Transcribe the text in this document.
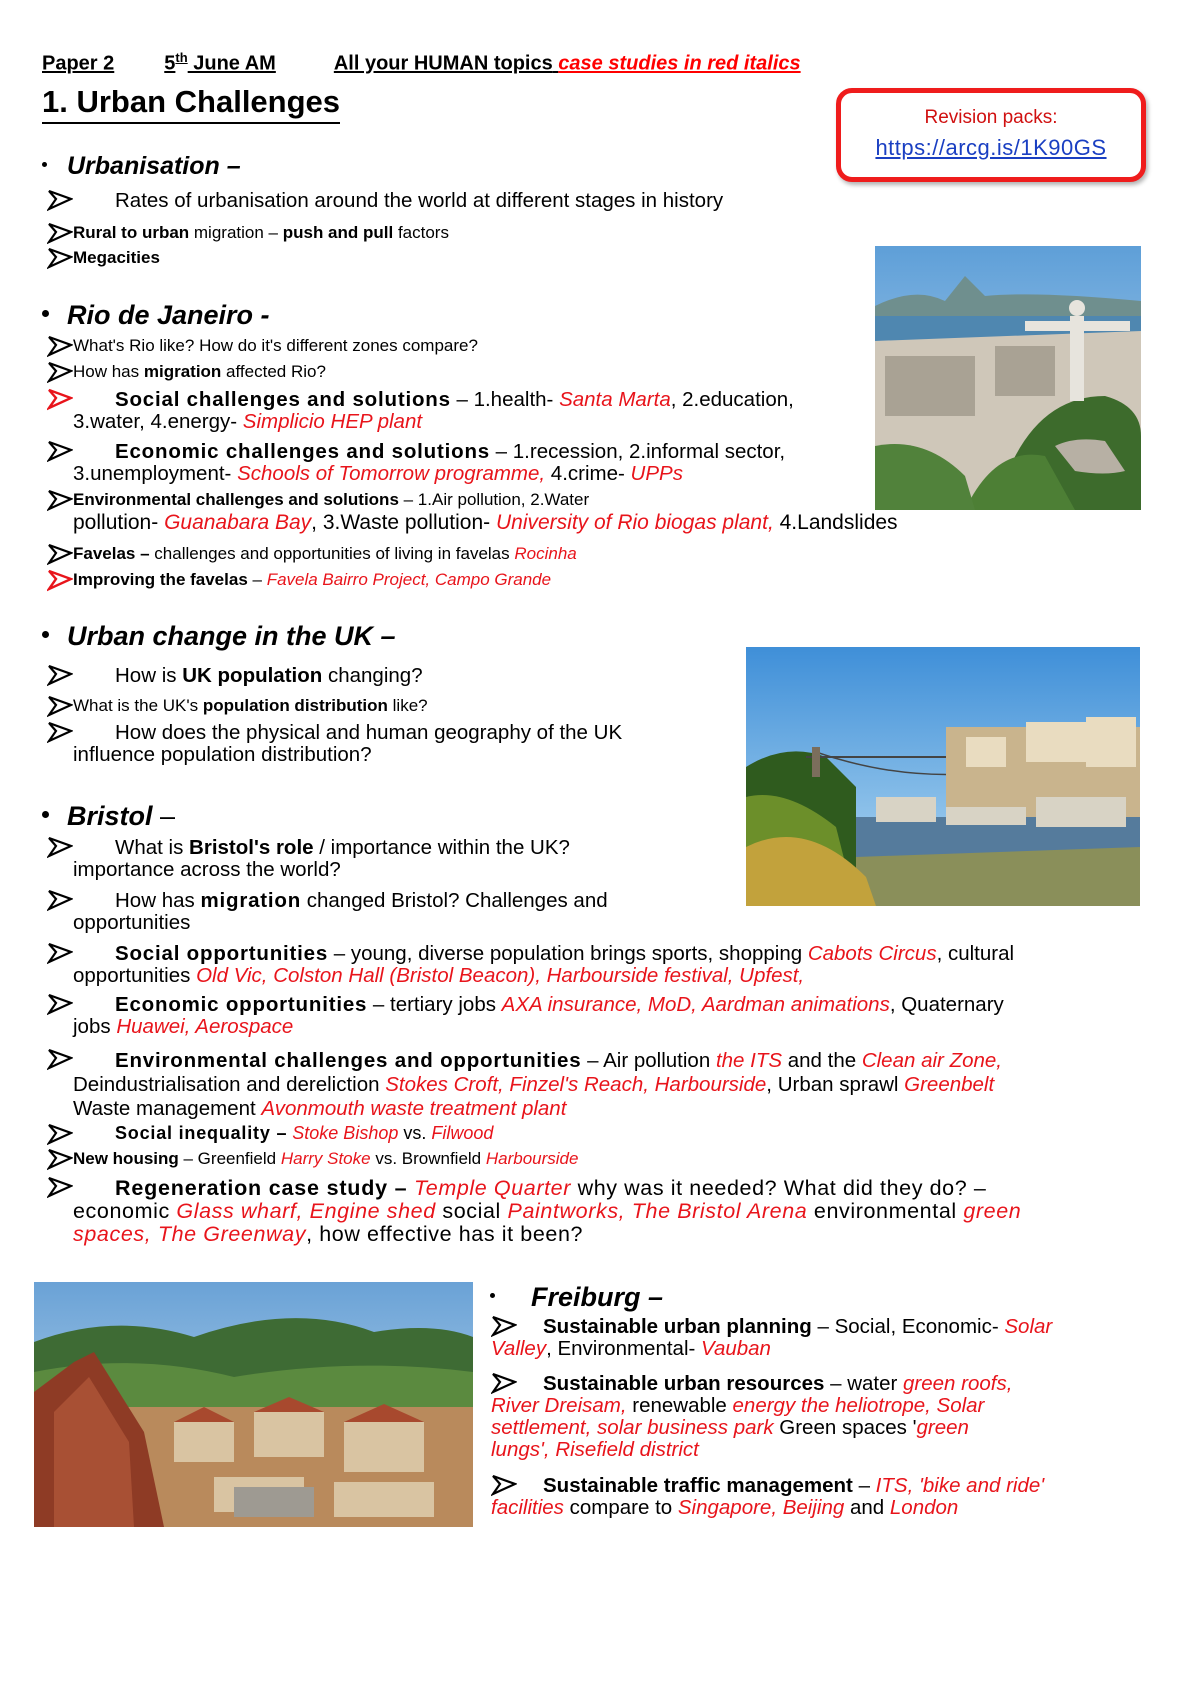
Paper 2	5th June AM	All your HUMAN topics case studies in red italics
1. Urban Challenges	Revision packs:
https://arcg.is/1K90GS
Urbanisation –
Rates of urbanisation around the world at different stages in history
Rural to urban migration – push and pull factors
Megacities
Rio de Janeiro -
What's Rio like? How do it's different zones compare?
How has migration affected Rio?
Social challenges and solutions – 1.health- Santa Marta, 2.education,
3.water, 4.energy- Simplicio HEP plant
Economic challenges and solutions – 1.recession, 2.informal sector,
3.unemployment- Schools of Tomorrow programme, 4.crime- UPPs
Environmental challenges and solutions – 1.Air pollution, 2.Water
pollution- Guanabara Bay, 3.Waste pollution- University of Rio biogas plant, 4.Landslides
Favelas – challenges and opportunities of living in favelas Rocinha
Improving the favelas – Favela Bairro Project, Campo Grande
Urban change in the UK –
How is UK population changing?
What is the UK's population distribution like?
How does the physical and human geography of the UK
influence population distribution?
Bristol –
What is Bristol's role / importance within the UK?
importance across the world?
How has migration changed Bristol? Challenges and
opportunities
Social opportunities – young, diverse population brings sports, shopping Cabots Circus, cultural
opportunities Old Vic, Colston Hall (Bristol Beacon), Harbourside festival, Upfest,
Economic opportunities – tertiary jobs AXA insurance, MoD, Aardman animations, Quaternary
jobs Huawei, Aerospace
Environmental challenges and opportunities – Air pollution the ITS and the Clean air Zone,
Deindustrialisation and dereliction Stokes Croft, Finzel's Reach, Harbourside, Urban sprawl Greenbelt
Waste management Avonmouth waste treatment plant
Social inequality – Stoke Bishop vs. Filwood
New housing – Greenfield Harry Stoke vs. Brownfield Harbourside
Regeneration case study – Temple Quarter why was it needed? What did they do? –
economic Glass wharf, Engine shed social Paintworks, The Bristol Arena environmental green
spaces, The Greenway, how effective has it been?
Freiburg –
Sustainable urban planning – Social, Economic- Solar
Valley, Environmental- Vauban
Sustainable urban resources – water green roofs,
River Dreisam, renewable energy the heliotrope, Solar
settlement, solar business park Green spaces 'green
lungs', Risefield district
Sustainable traffic management – ITS, 'bike and ride'
facilities compare to Singapore, Beijing and London
